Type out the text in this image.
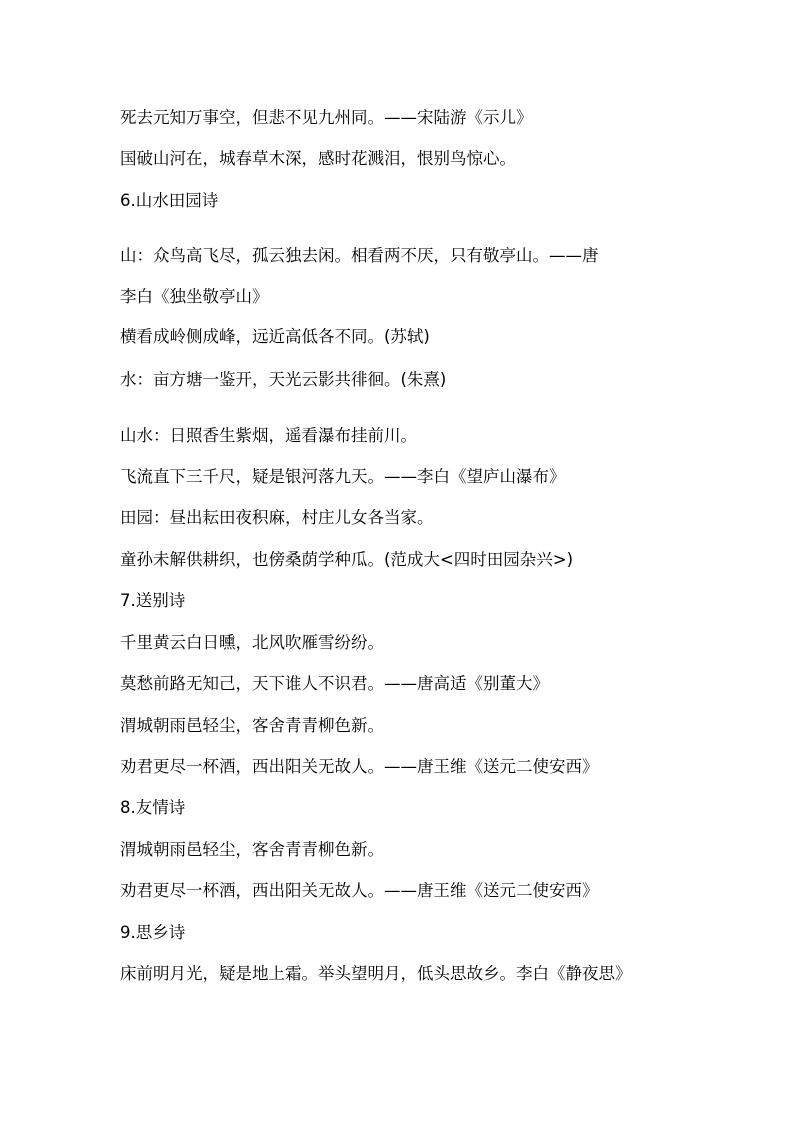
死去元知万事空，但悲不见九州同。——宋陆游《示儿》

国破山河在，城春草木深，感时花溅泪，恨别鸟惊心。

6.山水田园诗

山：众鸟高飞尽，孤云独去闲。相看两不厌，只有敬亭山。——唐

李白《独坐敬亭山》

横看成岭侧成峰，远近高低各不同。(苏轼)

水：亩方塘一鉴开，天光云影共徘徊。(朱熹)

山水：日照香生紫烟，遥看瀑布挂前川。

飞流直下三千尺，疑是银河落九天。——李白《望庐山瀑布》

田园：昼出耘田夜积麻，村庄儿女各当家。

童孙未解供耕织，也傍桑荫学种瓜。(范成大<四时田园杂兴>)

7.送别诗

千里黄云白日曛，北风吹雁雪纷纷。

莫愁前路无知己，天下谁人不识君。——唐高适《别董大》

渭城朝雨邑轻尘，客舍青青柳色新。

劝君更尽一杯酒，西出阳关无故人。——唐王维《送元二使安西》

8.友情诗

渭城朝雨邑轻尘，客舍青青柳色新。

劝君更尽一杯酒，西出阳关无故人。——唐王维《送元二使安西》

9.思乡诗

床前明月光，疑是地上霜。举头望明月，低头思故乡。李白《静夜思》
